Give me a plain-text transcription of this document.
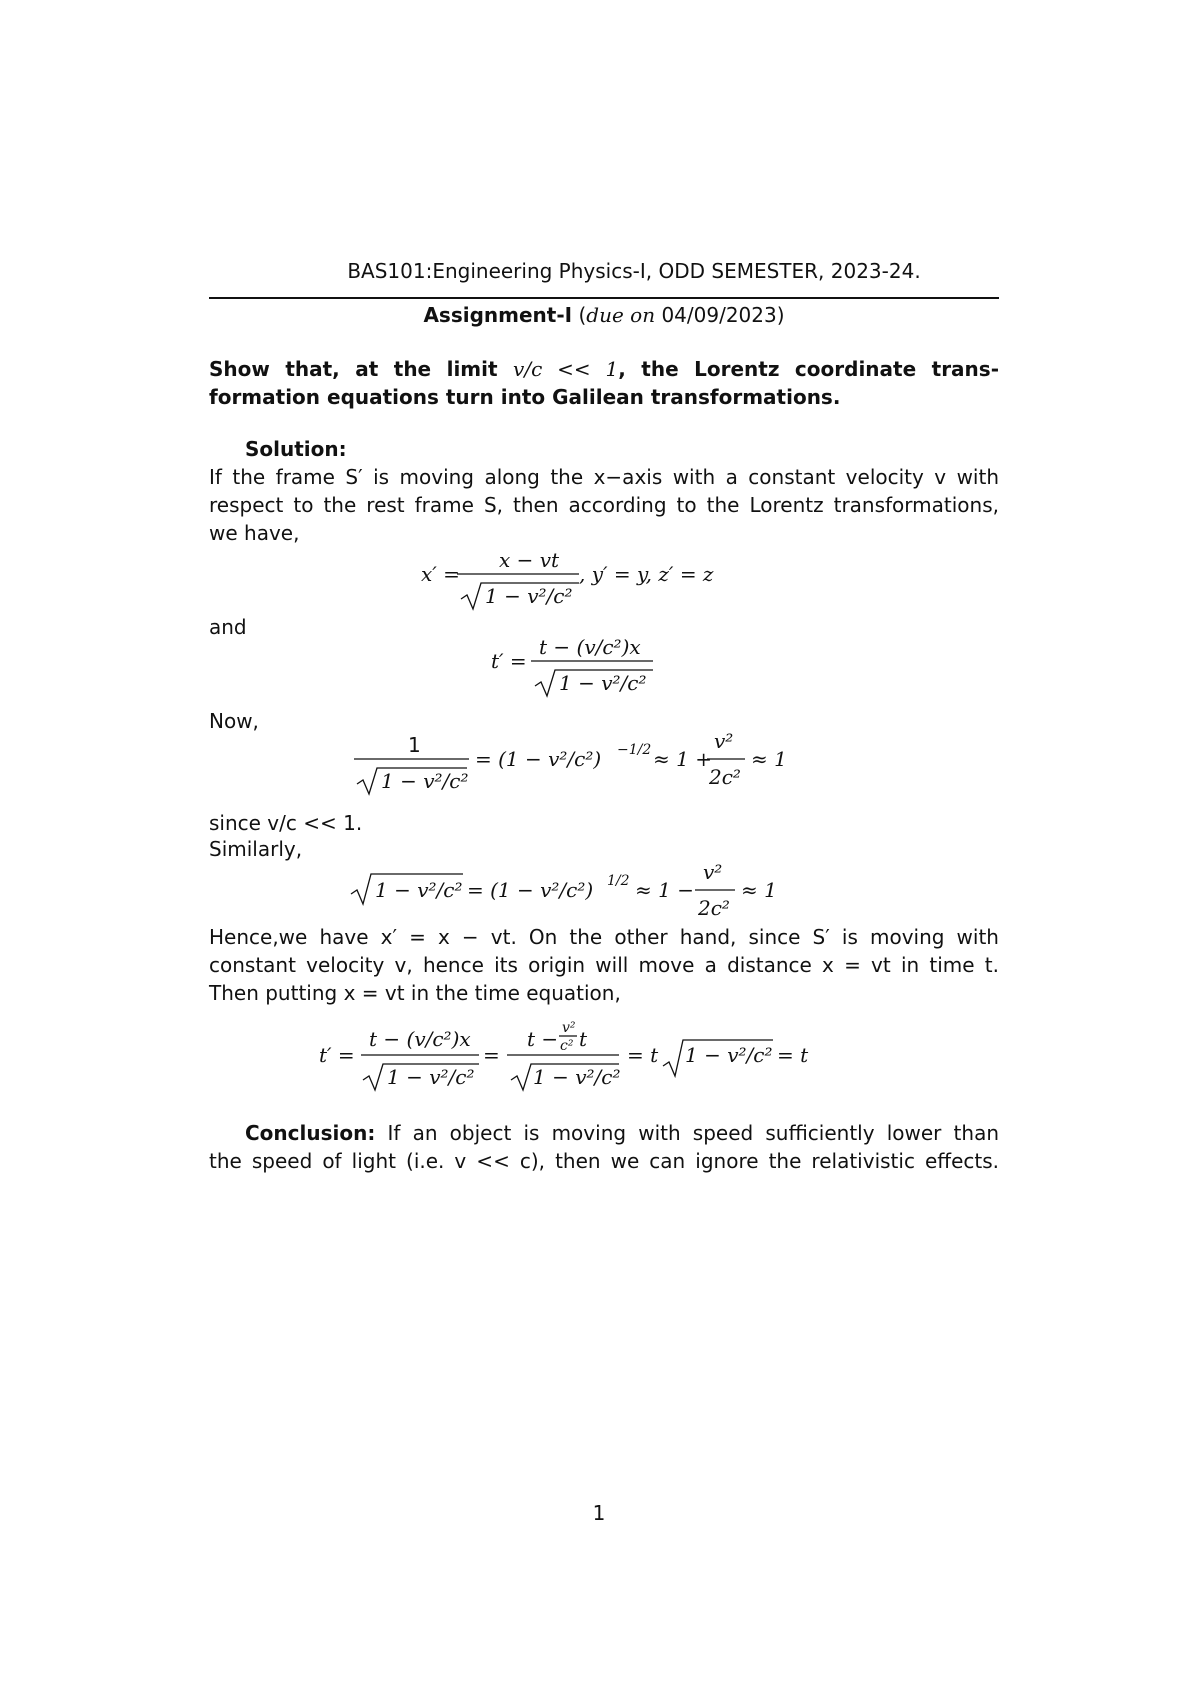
BAS101:Engineering Physics-I, ODD SEMESTER, 2023-24.
Assignment-I (due on 04/09/2023)
Show that, at the limit v/c << 1, the Lorentz coordinate trans-
formation equations turn into Galilean transformations.
Solution:
If the frame S′ is moving along the x−axis with a constant velocity v with
respect to the rest frame S, then according to the Lorentz transformations,
we have,
x′ =
x − vt
1 − v²/c²
, y′ = y, z′ = z
and
t′ =
t − (v/c²)x
1 − v²/c²
Now,
1
1 − v²/c²
= (1 − v²/c²) −1/2 ≈ 1 +
v²
2c²
≈ 1
since v/c << 1.
Similarly,
1 − v²/c² = (1 − v²/c²) 1/2 ≈ 1 −
v²
2c²
≈ 1
Hence,we have x′ = x − vt. On the other hand, since S′ is moving with
constant velocity v, hence its origin will move a distance x = vt in time t.
Then putting x = vt in the time equation,
t′ =
t − (v/c²)x
1 − v²/c²
=
t − v²
c² t
1 − v²/c²
= t 1 − v²/c² = t
Conclusion: If an object is moving with speed sufficiently lower than
the speed of light (i.e. v << c), then we can ignore the relativistic effects.
1
